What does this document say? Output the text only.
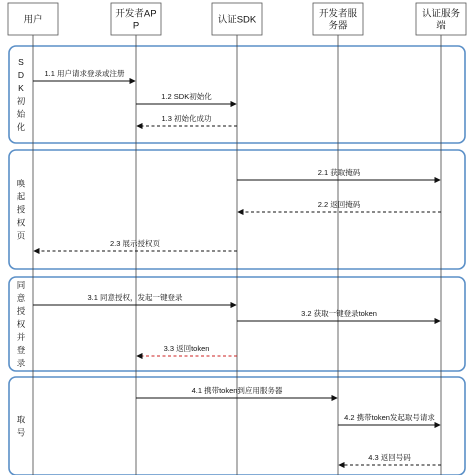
S D K 初始化
唤起授权页
同意授权并登录
取号
用户
开发者AP P
认证SDK
开发者服务器
认证服务端
1.1 用户请求登录或注册
1.2 SDK初始化
1.3 初始化成功
2.1 获取掩码
2.2 返回掩码
2.3 展示授权页
3.1 同意授权，发起一键登录
3.2 获取一键登录token
3.3 返回token
4.1 携带token到应用服务器
4.2 携带token发起取号请求
4.3 返回号码
